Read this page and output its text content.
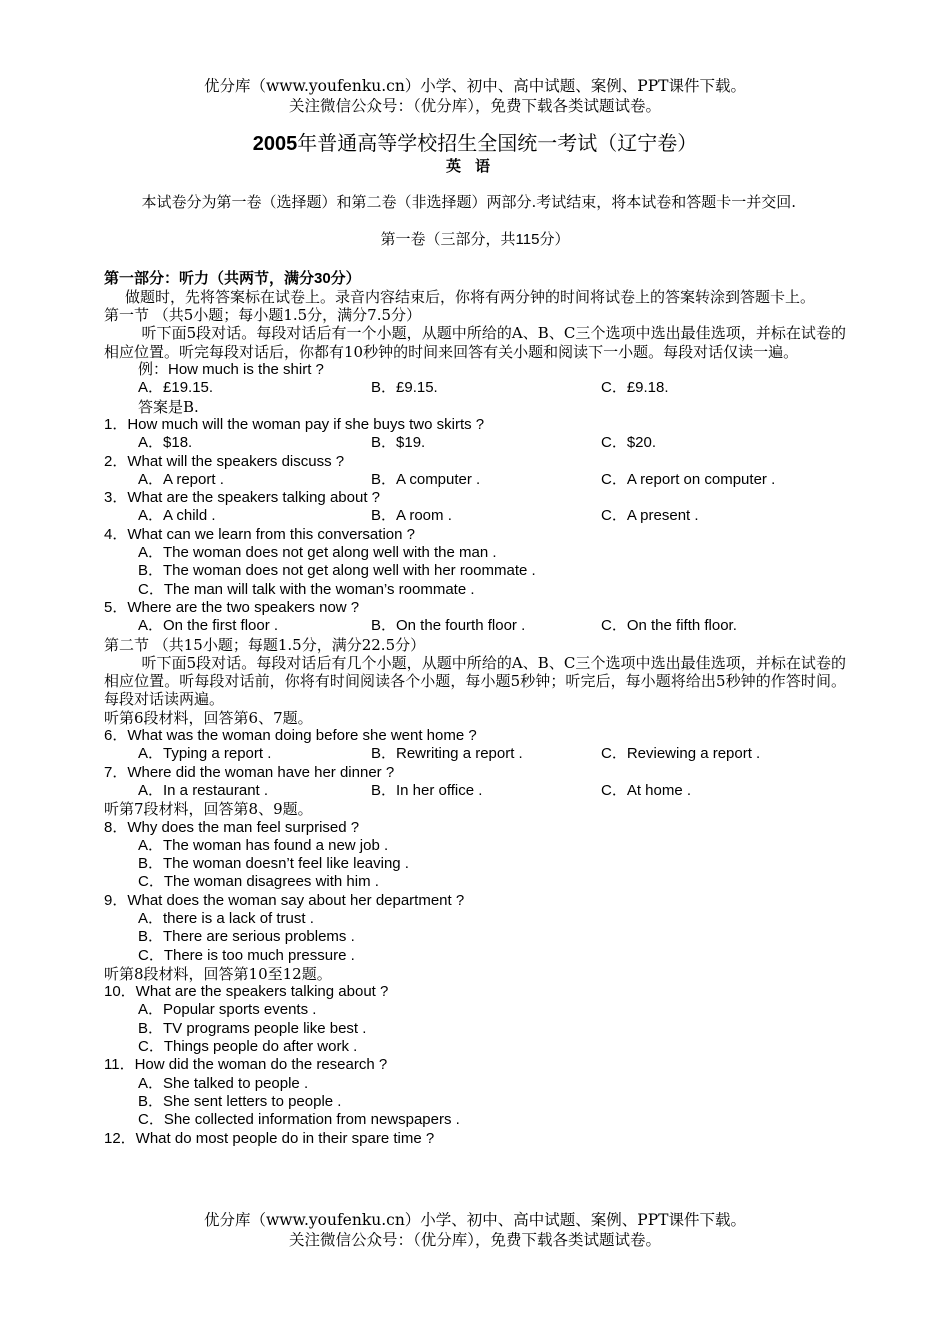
优分库（www.youfenku.cn）小学、初中、高中试题、案例、PPT课件下载。
关注微信公众号：（优分库），免费下载各类试题试卷。
2005年普通高等学校招生全国统一考试（辽宁卷）
英语

本试卷分为第一卷（选择题）和第二卷（非选择题）两部分.考试结束，将本试卷和答题卡一并交回.

第一卷（三部分，共115分）

第一部分：听力（共两节，满分30分）

做题时，先将答案标在试卷上。录音内容结束后，你将有两分钟的时间将试卷上的答案转涂到答题卡上。

第一节 （共5小题；每小题1.5分，满分7.5分）

听下面5段对话。每段对话后有一个小题，从题中所给的A、B、C三个选项中选出最佳选项，并标在试卷的相应位置。听完每段对话后，你都有10秒钟的时间来回答有关小题和阅读下一小题。每段对话仅读一遍。

例：How much is the shirt ?

A．£19.15.	B．£9.15.	C．£9.18.

答案是B.

1．How much will the woman pay if she buys two skirts ?

A．$18.	B．$19.	C．$20.

2．What will the speakers discuss ?

A．A report .	B．A computer .	C．A report on computer .

3．What are the speakers talking about ?

A．A child .	B．A room .	C．A present .

4．What can we learn from this conversation ?

A．The woman does not get along well with the man .

B．The woman does not get along well with her roommate .

C．The man will talk with the woman’s roommate .

5．Where are the two speakers now ?

A．On the first floor .	B．On the fourth floor .	C．On the fifth floor.

第二节 （共15小题；每题1.5分，满分22.5分）

听下面5段对话。每段对话后有几个小题，从题中所给的A、B、C三个选项中选出最佳选项，并标在试卷的相应位置。听每段对话前，你将有时间阅读各个小题，每小题5秒钟；听完后，每小题将给出5秒钟的作答时间。每段对话读两遍。

听第6段材料，回答第6、7题。

6．What was the woman doing before she went home ?

A．Typing a report .	B．Rewriting a report .	C．Reviewing a report .

7．Where did the woman have her dinner ?

A．In a restaurant .	B．In her office .	C．At home .

听第7段材料，回答第8、9题。

8．Why does the man feel surprised ?

A．The woman has found a new job .

B．The woman doesn’t feel like leaving .

C．The woman disagrees with him .

9．What does the woman say about her department ?

A．there is a lack of trust .

B．There are serious problems .

C．There is too much pressure .

听第8段材料，回答第10至12题。

10．What are the speakers talking about ?

A．Popular sports events .

B．TV programs people like best .

C．Things people do after work .

11．How did the woman do the research ?

A．She talked to people .

B．She sent letters to people .

C．She collected information from newspapers .

12．What do most people do in their spare time ?

优分库（www.youfenku.cn）小学、初中、高中试题、案例、PPT课件下载。
关注微信公众号：（优分库），免费下载各类试题试卷。
